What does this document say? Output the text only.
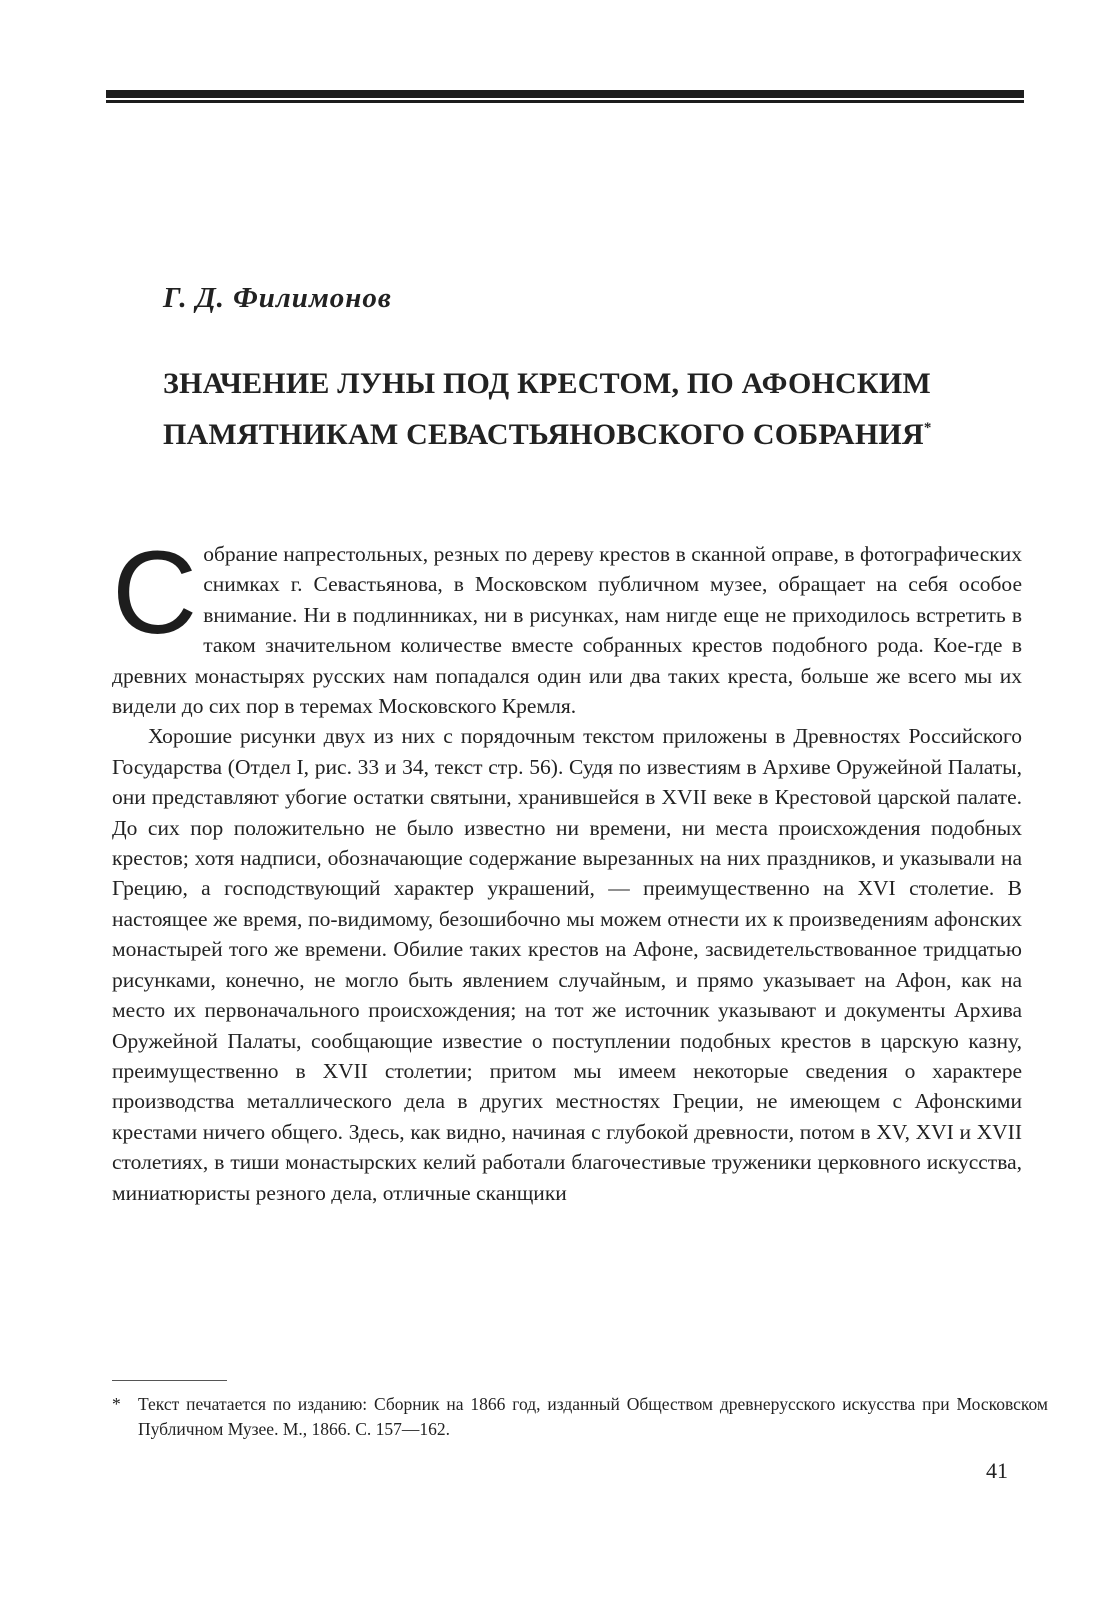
Г. Д. Филимонов
ЗНАЧЕНИЕ ЛУНЫ ПОД КРЕСТОМ, ПО АФОНСКИМ ПАМЯТНИКАМ СЕВАСТЬЯНОВСКОГО СОБРАНИЯ*

Собрание напрестольных, резных по дереву крестов в сканной оправе, в фотографических снимках г. Севастьянова, в Московском публичном музее, обращает на себя особое внимание. Ни в подлинниках, ни в рисунках, нам нигде еще не приходилось встретить в таком значительном количестве вместе собранных крестов подобного рода. Кое-где в древних монастырях русских нам попадался один или два таких креста, больше же всего мы их видели до сих пор в теремах Московского Кремля.

Хорошие рисунки двух из них с порядочным текстом приложены в Древностях Российского Государства (Отдел I, рис. 33 и 34, текст стр. 56). Судя по известиям в Архиве Оружейной Палаты, они представляют убогие остатки святыни, хранившейся в XVII веке в Крестовой царской палате. До сих пор положительно не было известно ни времени, ни места происхождения подобных крестов; хотя надписи, обозначающие содержание вырезанных на них праздников, и указывали на Грецию, а господствующий характер украшений, — преимущественно на XVI столетие. В настоящее же время, по-видимому, безошибочно мы можем отнести их к произведениям афонских монастырей того же времени. Обилие таких крестов на Афоне, засвидетельствованное тридцатью рисунками, конечно, не могло быть явлением случайным, и прямо указывает на Афон, как на место их первоначального происхождения; на тот же источник указывают и документы Архива Оружейной Палаты, сообщающие известие о поступлении подобных крестов в царскую казну, преимущественно в XVII столетии; притом мы имеем некоторые сведения о характере производства металлического дела в других местностях Греции, не имеющем с Афонскими крестами ничего общего. Здесь, как видно, начиная с глубокой древности, потом в XV, XVI и XVII столетиях, в тиши монастырских келий работали благочестивые труженики церковного искусства, миниатюристы резного дела, отличные сканщики

* Текст печатается по изданию: Сборник на 1866 год, изданный Обществом древнерусского искусства при Московском Публичном Музее. М., 1866. С. 157—162.

41
